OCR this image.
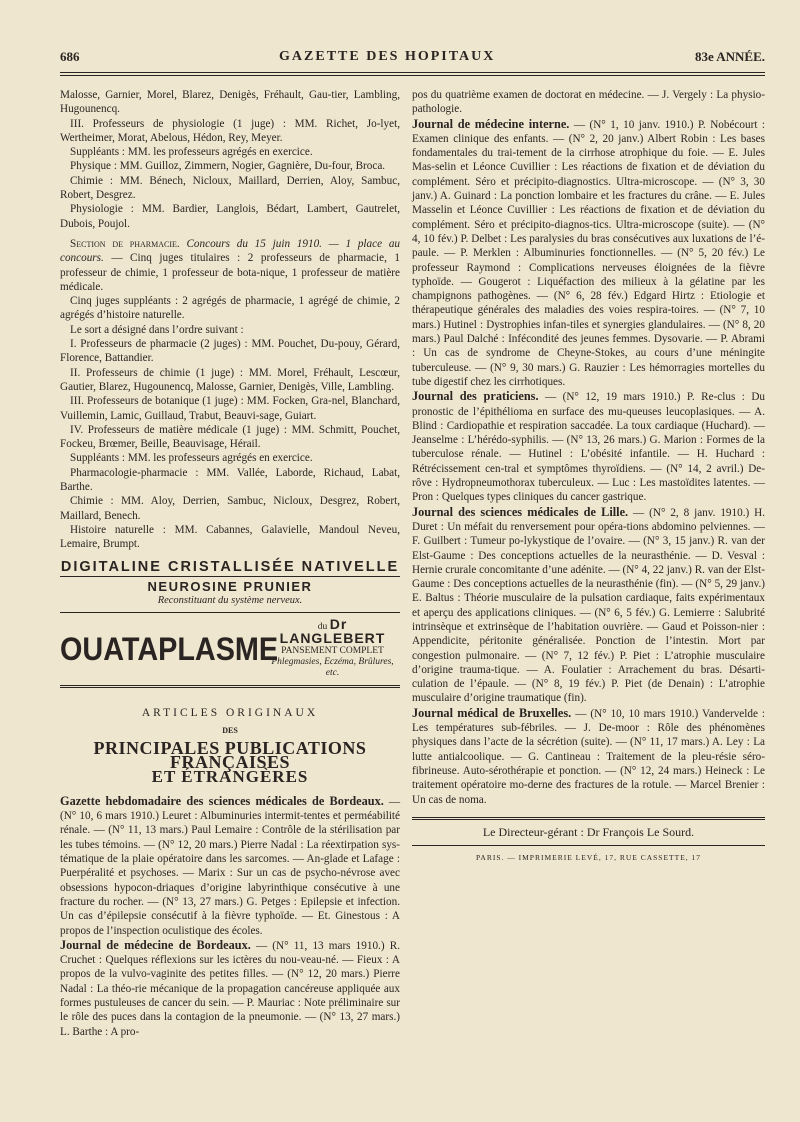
686	GAZETTE DES HOPITAUX	83e ANNÉE.

Malosse, Garnier, Morel, Blarez, Denigès, Fréhault, Gau-tier, Lambling, Hugounencq.

III. Professeurs de physiologie (1 juge) : MM. Richet, Jo-lyet, Wertheimer, Morat, Abelous, Hédon, Rey, Meyer.

Suppléants : MM. les professeurs agrégés en exercice.

Physique : MM. Guilloz, Zimmern, Nogier, Gagnière, Du-four, Broca.

Chimie : MM. Bénech, Nicloux, Maillard, Derrien, Aloy, Sambuc, Robert, Desgrez.

Physiologie : MM. Bardier, Langlois, Bédart, Lambert, Gautrelet, Dubois, Poujol.

Section de pharmacie. Concours du 15 juin 1910. — 1 place au concours. — Cinq juges titulaires : 2 professeurs de pharmacie, 1 professeur de chimie, 1 professeur de bota-nique, 1 professeur de matière médicale.

Cinq juges suppléants : 2 agrégés de pharmacie, 1 agrégé de chimie, 2 agrégés d’histoire naturelle.

Le sort a désigné dans l’ordre suivant :

I. Professeurs de pharmacie (2 juges) : MM. Pouchet, Du-pouy, Gérard, Florence, Battandier.

II. Professeurs de chimie (1 juge) : MM. Morel, Fréhault, Lescœur, Gautier, Blarez, Hugounencq, Malosse, Garnier, Denigès, Ville, Lambling.

III. Professeurs de botanique (1 juge) : MM. Focken, Gra-nel, Blanchard, Vuillemin, Lamic, Guillaud, Trabut, Beauvi-sage, Guiart.

IV. Professeurs de matière médicale (1 juge) : MM. Schmitt, Pouchet, Fockeu, Brœmer, Beille, Beauvisage, Hérail.

Suppléants : MM. les professeurs agrégés en exercice.

Pharmacologie-pharmacie : MM. Vallée, Laborde, Richaud, Labat, Barthe.

Chimie : MM. Aloy, Derrien, Sambuc, Nicloux, Desgrez, Robert, Maillard, Benech.

Histoire naturelle : MM. Cabannes, Galavielle, Mandoul Neveu, Lemaire, Brumpt.

DIGITALINE CRISTALLISÉE NATIVELLE
NEUROSINE PRUNIER
Reconstituant du système nerveux.
OUATAPLASME
du Dr LANGLEBERT
PANSEMENT COMPLET
Phlegmasies, Eczéma, Brûlures, etc.
ARTICLES ORIGINAUX
DES
PRINCIPALES PUBLICATIONS FRANÇAISES
ET ÉTRANGÈRES

Gazette hebdomadaire des sciences médicales de Bordeaux. — (N° 10, 6 mars 1910.) Leuret : Albuminuries intermit-tentes et perméabilité rénale. — (N° 11, 13 mars.) Paul Lemaire : Contrôle de la stérilisation par les tubes témoins. — (N° 12, 20 mars.) Pierre Nadal : La réextirpation sys-tématique de la plaie opératoire dans les sarcomes. — An-glade et Lafage : Puerpéralité et psychoses. — Marix : Sur un cas de psycho-névrose avec obsessions hypocon-driaques d’origine labyrinthique consécutive à une fracture du rocher. — (N° 13, 27 mars.) G. Petges : Epilepsie et infection. Un cas d’épilepsie consécutif à la fièvre typhoïde. — Et. Ginestous : A propos de l’inspection oculistique des écoles.

Journal de médecine de Bordeaux. — (N° 11, 13 mars 1910.) R. Cruchet : Quelques réflexions sur les ictères du nou-veau-né. — Fieux : A propos de la vulvo-vaginite des petites filles. — (N° 12, 20 mars.) Pierre Nadal : La théo-rie mécanique de la propagation cancéreuse appliquée aux formes pustuleuses de cancer du sein. — P. Mauriac : Note préliminaire sur le rôle des puces dans la contagion de la pneumonie. — (N° 13, 27 mars.) L. Barthe : A pro-

pos du quatrième examen de doctorat en médecine. — J. Vergely : La physio-pathologie.

Journal de médecine interne. — (N° 1, 10 janv. 1910.) P. Nobécourt : Examen clinique des enfants. — (N° 2, 20 janv.) Albert Robin : Les bases fondamentales du trai-tement de la cirrhose atrophique du foie. — E. Jules Mas-selin et Léonce Cuvillier : Les réactions de fixation et de déviation du complément. Séro et précipito-diagnostics. Ultra-microscope. — (N° 3, 30 janv.) A. Guinard : La ponction lombaire et les fractures du crâne. — E. Jules Masselin et Léonce Cuvillier : Les réactions de fixation et de déviation du complément. Séro et précipito-diagnos-tics. Ultra-microscope (suite). — (N° 4, 10 fév.) P. Delbet : Les paralysies du bras consécutives aux luxations de l’é-paule. — P. Merklen : Albuminuries fonctionnelles. — (N° 5, 20 fév.) Le professeur Raymond : Complications nerveuses éloignées de la fièvre typhoïde. — Gougerot : Liquéfaction des milieux à la gélatine par les champignons pathogènes. — (N° 6, 28 fév.) Edgard Hirtz : Etiologie et thérapeutique générales des maladies des voies respira-toires. — (N° 7, 10 mars.) Hutinel : Dystrophies infan-tiles et synergies glandulaires. — (N° 8, 20 mars.) Paul Dalché : Infécondité des jeunes femmes. Dysovarie. — P. Abrami : Un cas de syndrome de Cheyne-Stokes, au cours d’une méningite tuberculeuse. — (N° 9, 30 mars.) G. Rauzier : Les hémorragies mortelles du tube digestif chez les cirrhotiques.

Journal des praticiens. — (N° 12, 19 mars 1910.) P. Re-clus : Du pronostic de l’épithélioma en surface des mu-queuses leucoplasiques. — A. Blind : Cardiopathie et respiration saccadée. La toux cardiaque (Huchard). — Jeanselme : L’hérédo-syphilis. — (N° 13, 26 mars.) G. Marion : Formes de la tuberculose rénale. — Hutinel : L’obésité infantile. — H. Huchard : Rétrécissement cen-tral et symptômes thyroïdiens. — (N° 14, 2 avril.) De-rôve : Hydropneumothorax tuberculeux. — Luc : Les mastoïdites latentes. — Pron : Quelques types cliniques du cancer gastrique.

Journal des sciences médicales de Lille. — (N° 2, 8 janv. 1910.) H. Duret : Un méfait du renversement pour opéra-tions abdomino pelviennes. — F. Guilbert : Tumeur po-lykystique de l’ovaire. — (N° 3, 15 janv.) R. van der Elst-Gaume : Des conceptions actuelles de la neurasthénie. — D. Vesval : Hernie crurale concomitante d’une adénite. — (N° 4, 22 janv.) R. van der Elst-Gaume : Des conceptions actuelles de la neurasthénie (fin). — (N° 5, 29 janv.) E. Baltus : Théorie musculaire de la pulsation cardiaque, faits expérimentaux et aperçu des applications cliniques. — (N° 6, 5 fév.) G. Lemierre : Salubrité intrinsèque et extrinsèque de l’habitation ouvrière. — Gaud et Poisson-nier : Appendicite, péritonite généralisée. Ponction de l’intestin. Mort par congestion pulmonaire. — (N° 7, 12 fév.) P. Piet : L’atrophie musculaire d’origine trauma-tique. — A. Foulatier : Arrachement du bras. Désarti-culation de l’épaule. — (N° 8, 19 fév.) P. Piet (de Denain) : L’atrophie musculaire d’origine traumatique (fin).

Journal médical de Bruxelles. — (N° 10, 10 mars 1910.) Vandervelde : Les températures sub-fébriles. — J. De-moor : Rôle des phénomènes physiques dans l’acte de la sécrétion (suite). — (N° 11, 17 mars.) A. Ley : La lutte antialcoolique. — G. Cantineau : Traitement de la pleu-résie séro-fibrineuse. Auto-sérothérapie et ponction. — (N° 12, 24 mars.) Heineck : Le traitement opératoire mo-derne des fractures de la rotule. — Marcel Brenier : Un cas de noma.

Le Directeur-gérant : Dr François Le Sourd.
PARIS. — IMPRIMERIE LEVÉ, 17, RUE CASSETTE, 17
